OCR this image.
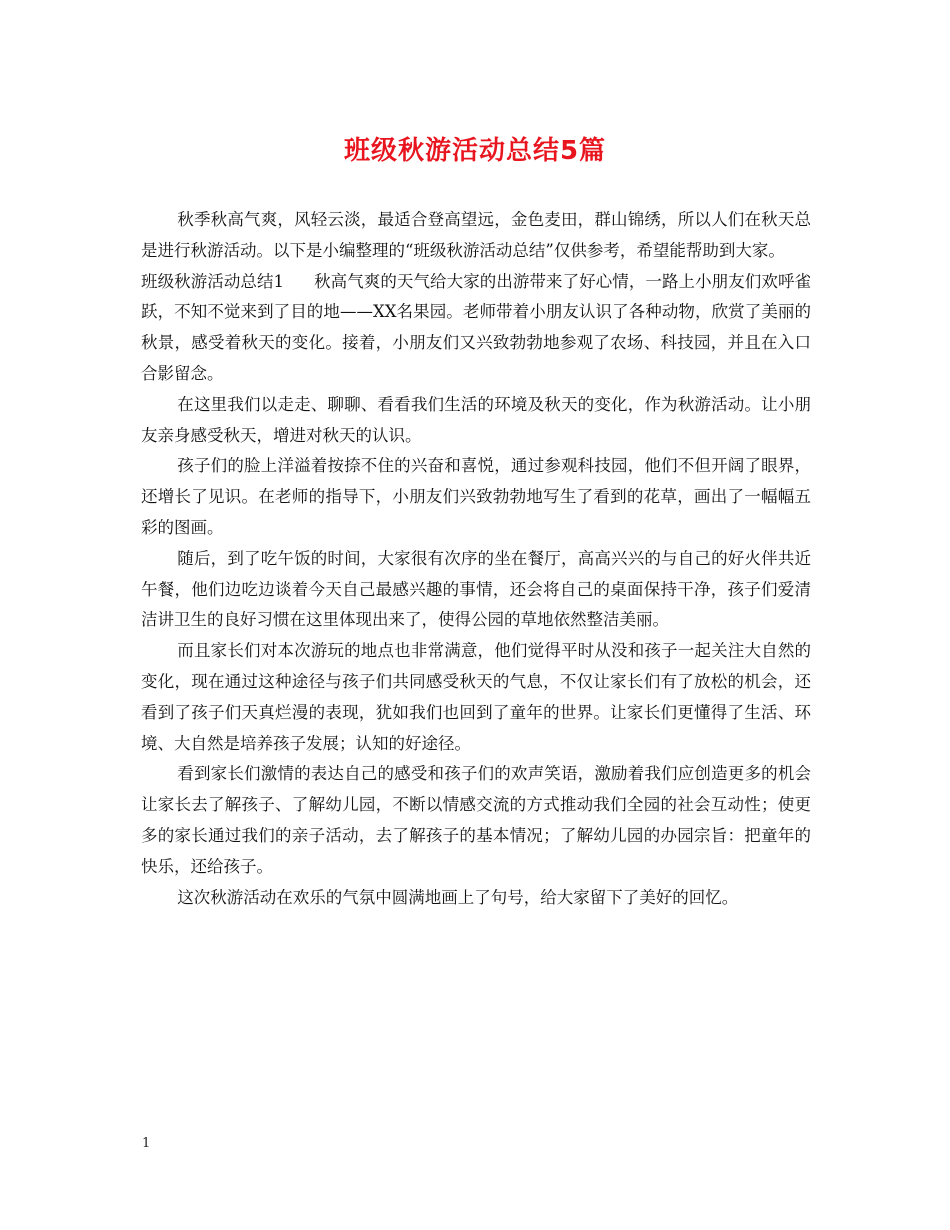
班级秋游活动总结5篇

秋季秋高气爽，风轻云淡，最适合登高望远，金色麦田，群山锦绣，所以人们在秋天总是进行秋游活动。以下是小编整理的“班级秋游活动总结”仅供参考，希望能帮助到大家。

班级秋游活动总结1 秋高气爽的天气给大家的出游带来了好心情，一路上小朋友们欢呼雀跃，不知不觉来到了目的地——XX名果园。老师带着小朋友认识了各种动物，欣赏了美丽的秋景，感受着秋天的变化。接着，小朋友们又兴致勃勃地参观了农场、科技园，并且在入口合影留念。

在这里我们以走走、聊聊、看看我们生活的环境及秋天的变化，作为秋游活动。让小朋友亲身感受秋天，增进对秋天的认识。

孩子们的脸上洋溢着按捺不住的兴奋和喜悦，通过参观科技园，他们不但开阔了眼界，还增长了见识。在老师的指导下，小朋友们兴致勃勃地写生了看到的花草，画出了一幅幅五彩的图画。

随后，到了吃午饭的时间，大家很有次序的坐在餐厅，高高兴兴的与自己的好火伴共近午餐，他们边吃边谈着今天自己最感兴趣的事情，还会将自己的桌面保持干净，孩子们爱清洁讲卫生的良好习惯在这里体现出来了，使得公园的草地依然整洁美丽。

而且家长们对本次游玩的地点也非常满意，他们觉得平时从没和孩子一起关注大自然的变化，现在通过这种途径与孩子们共同感受秋天的气息，不仅让家长们有了放松的机会，还看到了孩子们天真烂漫的表现，犹如我们也回到了童年的世界。让家长们更懂得了生活、环境、大自然是培养孩子发展；认知的好途径。

看到家长们激情的表达自己的感受和孩子们的欢声笑语，激励着我们应创造更多的机会让家长去了解孩子、了解幼儿园，不断以情感交流的方式推动我们全园的社会互动性；使更多的家长通过我们的亲子活动，去了解孩子的基本情况；了解幼儿园的办园宗旨：把童年的快乐，还给孩子。

这次秋游活动在欢乐的气氛中圆满地画上了句号，给大家留下了美好的回忆。

1
